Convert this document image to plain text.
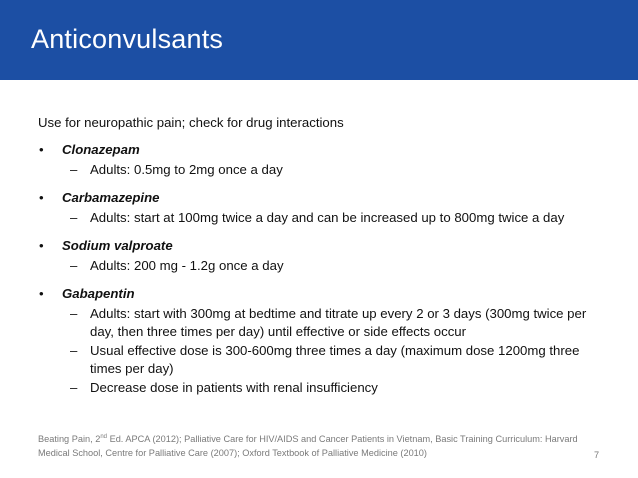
Anticonvulsants

Use for neuropathic pain; check for drug interactions

• Clonazepam
– Adults: 0.5mg to 2mg once a day
• Carbamazepine
– Adults: start at 100mg twice a day and can be increased up to 800mg twice a day
• Sodium valproate
– Adults: 200 mg - 1.2g once a day
• Gabapentin
– Adults: start with 300mg at bedtime and titrate up every 2 or 3 days (300mg twice per day, then three times per day) until effective or side effects occur
– Usual effective dose is 300-600mg three times a day (maximum dose 1200mg three times per day)
– Decrease dose in patients with renal insufficiency
Beating Pain, 2nd Ed. APCA (2012); Palliative Care for HIV/AIDS and Cancer Patients in Vietnam, Basic Training Curriculum: Harvard Medical School, Centre for Palliative Care (2007); Oxford Textbook of Palliative Medicine (2010)	7
